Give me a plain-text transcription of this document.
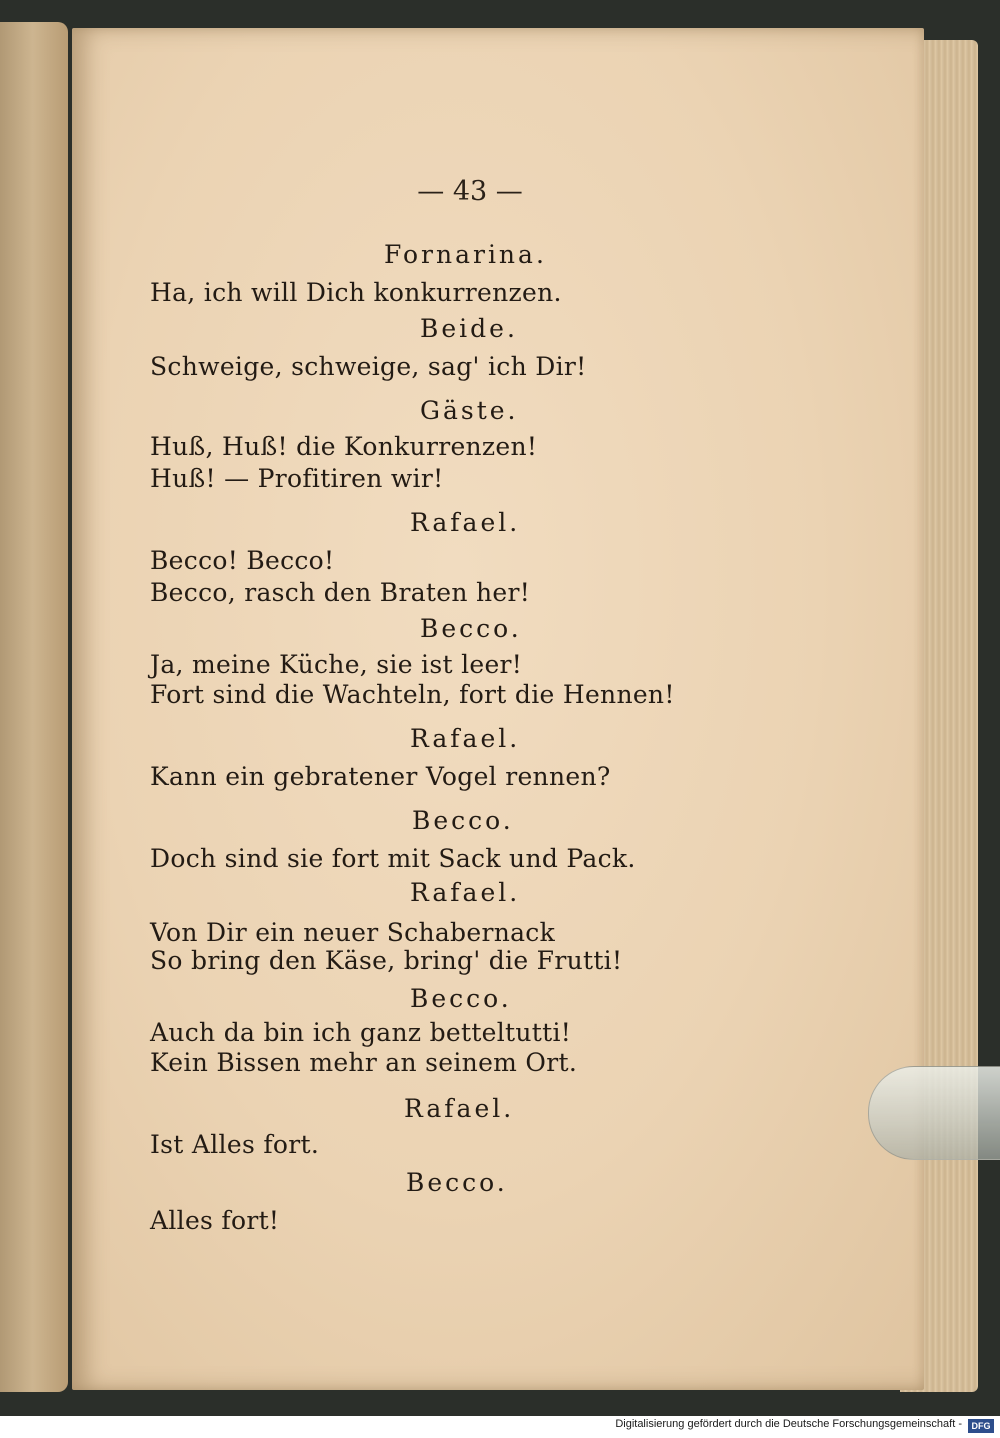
— 43 —

Fornarina.

Ha, ich will Dich konkurrenzen.

Beide.

Schweige, schweige, sag' ich Dir!

Gäste.

Huß, Huß! die Konkurrenzen!

Huß! — Profitiren wir!

Rafael.

Becco! Becco!

Becco, rasch den Braten her!

Becco.

Ja, meine Küche, sie ist leer!

Fort sind die Wachteln, fort die Hennen!

Rafael.

Kann ein gebratener Vogel rennen?

Becco.

Doch sind sie fort mit Sack und Pack.

Rafael.

Von Dir ein neuer Schabernack

So bring den Käse, bring' die Frutti!

Becco.

Auch da bin ich ganz betteltutti!

Kein Bissen mehr an seinem Ort.

Rafael.

Ist Alles fort.

Becco.

Alles fort!

Digitalisierung gefördert durch die Deutsche Forschungsgemeinschaft -	DFG
